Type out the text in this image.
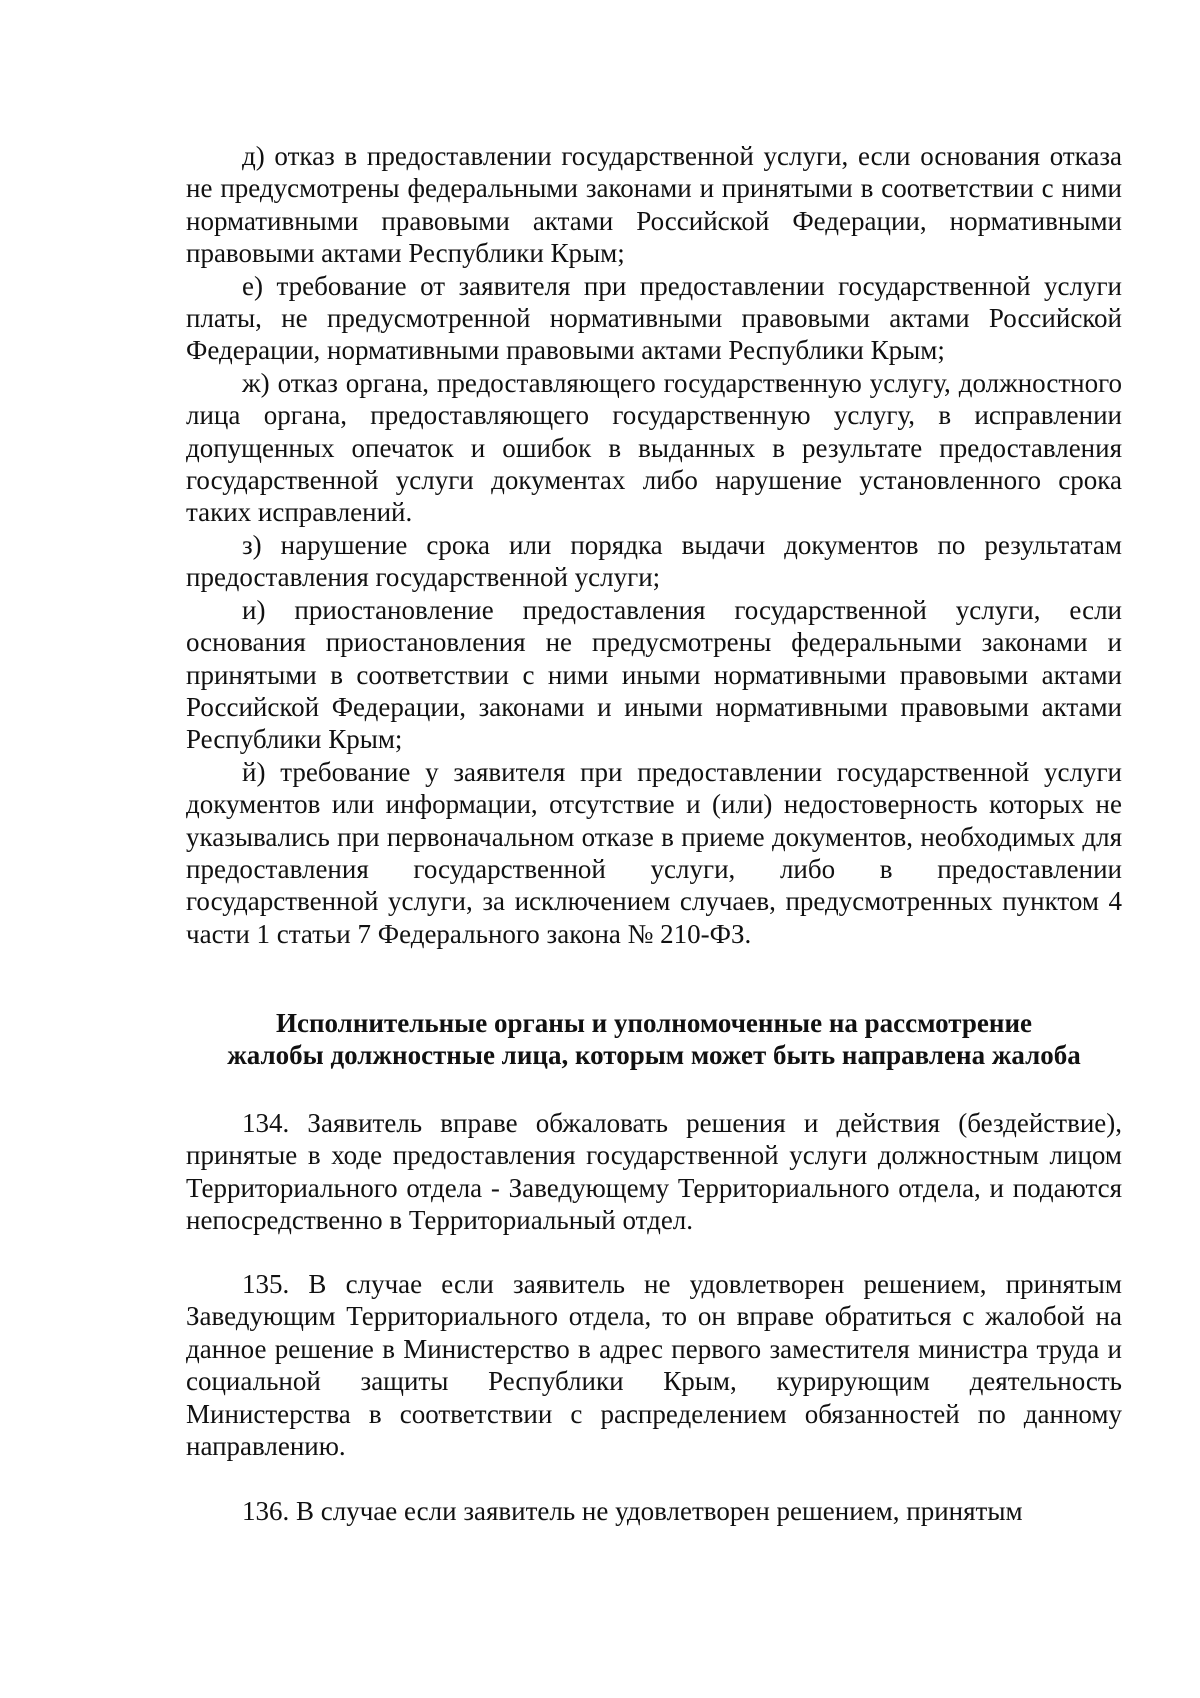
д) отказ в предоставлении государственной услуги, если основания отказа не предусмотрены федеральными законами и принятыми в соответствии с ними нормативными правовыми актами Российской Федерации, нормативными правовыми актами Республики Крым;

е) требование от заявителя при предоставлении государственной услуги платы, не предусмотренной нормативными правовыми актами Российской Федерации, нормативными правовыми актами Республики Крым;

ж) отказ органа, предоставляющего государственную услугу, должностного лица органа, предоставляющего государственную услугу, в исправлении допущенных опечаток и ошибок в выданных в результате предоставления государственной услуги документах либо нарушение установленного срока таких исправлений.

з) нарушение срока или порядка выдачи документов по результатам предоставления государственной услуги;

и) приостановление предоставления государственной услуги, если основания приостановления не предусмотрены федеральными законами и принятыми в соответствии с ними иными нормативными правовыми актами Российской Федерации, законами и иными нормативными правовыми актами Республики Крым;

й) требование у заявителя при предоставлении государственной услуги документов или информации, отсутствие и (или) недостоверность которых не указывались при первоначальном отказе в приеме документов, необходимых для предоставления государственной услуги, либо в предоставлении государственной услуги, за исключением случаев, предусмотренных пунктом 4 части 1 статьи 7 Федерального закона № 210-ФЗ.

Исполнительные органы и уполномоченные на рассмотрение
жалобы должностные лица, которым может быть направлена жалоба

134. Заявитель вправе обжаловать решения и действия (бездействие), принятые в ходе предоставления государственной услуги должностным лицом Территориального отдела - Заведующему Территориального отдела, и подаются непосредственно в Территориальный отдел.

135. В случае если заявитель не удовлетворен решением, принятым Заведующим Территориального отдела, то он вправе обратиться с жалобой на данное решение в Министерство в адрес первого заместителя министра труда и социальной защиты Республики Крым, курирующим деятельность Министерства в соответствии с распределением обязанностей по данному направлению.

136. В случае если заявитель не удовлетворен решением, принятым
